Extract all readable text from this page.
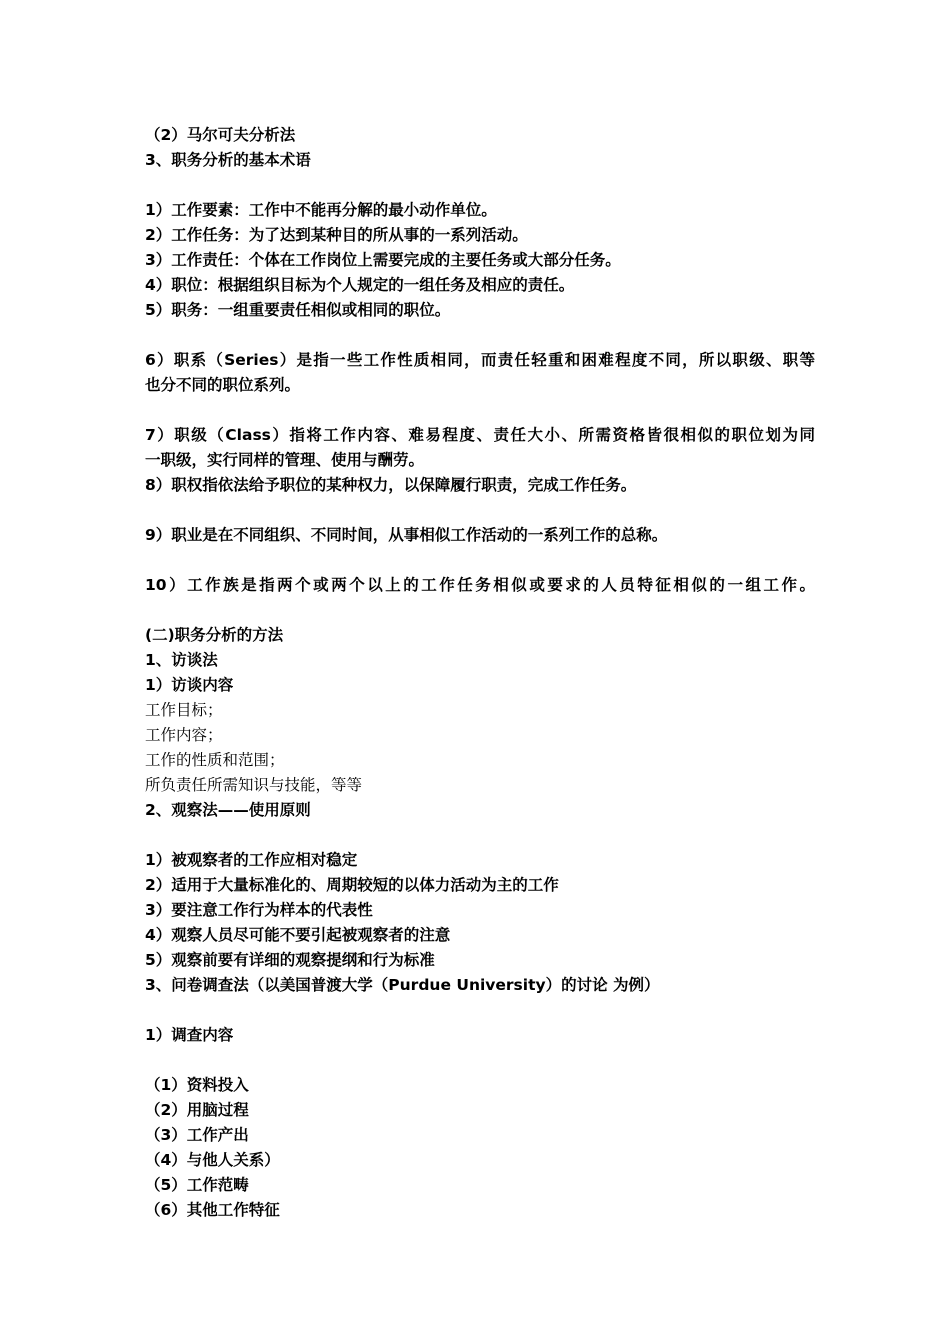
（2）马尔可夫分析法

3、职务分析的基本术语

1）工作要素：工作中不能再分解的最小动作单位。

2）工作任务：为了达到某种目的所从事的一系列活动。

3）工作责任：个体在工作岗位上需要完成的主要任务或大部分任务。

4）职位：根据组织目标为个人规定的一组任务及相应的责任。

5）职务：一组重要责任相似或相同的职位。

6）职系（Series）是指一些工作性质相同，而责任轻重和困难程度不同，所以职级、职等

也分不同的职位系列。

7）职级（Class）指将工作内容、难易程度、责任大小、所需资格皆很相似的职位划为同

一职级，实行同样的管理、使用与酬劳。

8）职权指依法给予职位的某种权力，以保障履行职责，完成工作任务。

9）职业是在不同组织、不同时间，从事相似工作活动的一系列工作的总称。

10）工作族是指两个或两个以上的工作任务相似或要求的人员特征相似的一组工作。

(二)职务分析的方法

1、访谈法

1）访谈内容

工作目标；

工作内容；

工作的性质和范围；

所负责任所需知识与技能，等等

2、观察法——使用原则

1）被观察者的工作应相对稳定

2）适用于大量标准化的、周期较短的以体力活动为主的工作

3）要注意工作行为样本的代表性

4）观察人员尽可能不要引起被观察者的注意

5）观察前要有详细的观察提纲和行为标准

3、问卷调查法（以美国普渡大学（Purdue University）的讨论 为例）

1）调查内容

（1）资料投入

（2）用脑过程

（3）工作产出

（4）与他人关系）

（5）工作范畴

（6）其他工作特征
